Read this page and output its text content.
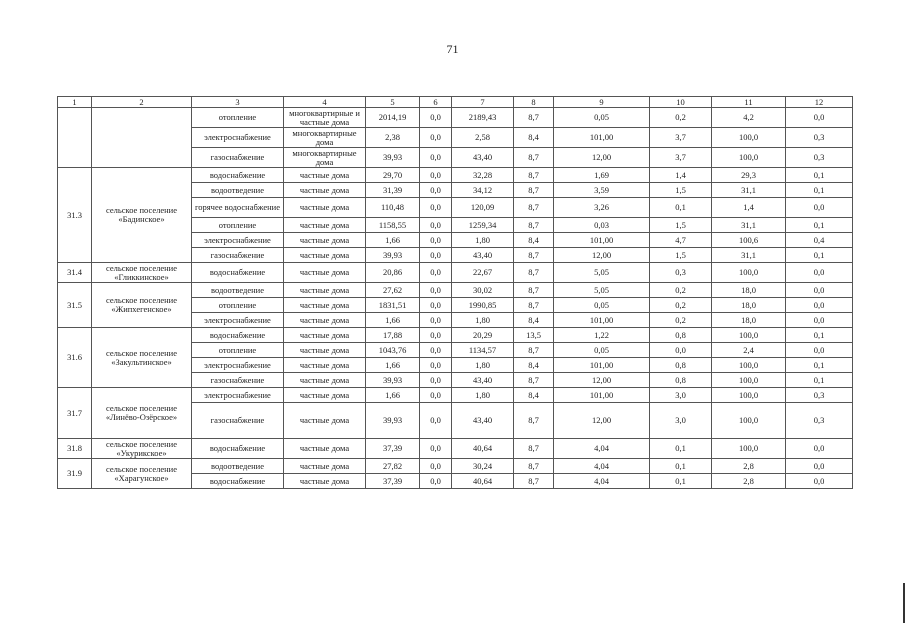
71
1	2	3	4	5	6	7	8	9	10	11	12
		отопление	многоквартирные и частные дома	2014,19	0,0	2189,43	8,7	0,05	0,2	4,2	0,0
		электроснабжение	многоквартирные дома	2,38	0,0	2,58	8,4	101,00	3,7	100,0	0,3
		газоснабжение	многоквартирные дома	39,93	0,0	43,40	8,7	12,00	3,7	100,0	0,3
31.3	сельское поселение «Бадинское»	водоснабжение	частные дома	29,70	0,0	32,28	8,7	1,69	1,4	29,3	0,1
		водоотведение	частные дома	31,39	0,0	34,12	8,7	3,59	1,5	31,1	0,1
		горячее водоснабжение	частные дома	110,48	0,0	120,09	8,7	3,26	0,1	1,4	0,0
		отопление	частные дома	1158,55	0,0	1259,34	8,7	0,03	1,5	31,1	0,1
		электроснабжение	частные дома	1,66	0,0	1,80	8,4	101,00	4,7	100,6	0,4
		газоснабжение	частные дома	39,93	0,0	43,40	8,7	12,00	1,5	31,1	0,1
31.4	сельское поселение «Гликкинское»	водоснабжение	частные дома	20,86	0,0	22,67	8,7	5,05	0,3	100,0	0,0
31.5	сельское поселение «Жипхегенское»	водоотведение	частные дома	27,62	0,0	30,02	8,7	5,05	0,2	18,0	0,0
		отопление	частные дома	1831,51	0,0	1990,85	8,7	0,05	0,2	18,0	0,0
		электроснабжение	частные дома	1,66	0,0	1,80	8,4	101,00	0,2	18,0	0,0
31.6	сельское поселение «Закультинское»	водоснабжение	частные дома	17,88	0,0	20,29	13,5	1,22	0,8	100,0	0,1
		отопление	частные дома	1043,76	0,0	1134,57	8,7	0,05	0,0	2,4	0,0
		электроснабжение	частные дома	1,66	0,0	1,80	8,4	101,00	0,8	100,0	0,1
		газоснабжение	частные дома	39,93	0,0	43,40	8,7	12,00	0,8	100,0	0,1
31.7	сельское поселение «Линёво-Озёрское»	электроснабжение	частные дома	1,66	0,0	1,80	8,4	101,00	3,0	100,0	0,3
		газоснабжение	частные дома	39,93	0,0	43,40	8,7	12,00	3,0	100,0	0,3
31.8	сельское поселение «Укурикское»	водоснабжение	частные дома	37,39	0,0	40,64	8,7	4,04	0,1	100,0	0,0
31.9	сельское поселение «Харагунское»	водоотведение	частные дома	27,82	0,0	30,24	8,7	4,04	0,1	2,8	0,0
		водоснабжение	частные дома	37,39	0,0	40,64	8,7	4,04	0,1	2,8	0,0
